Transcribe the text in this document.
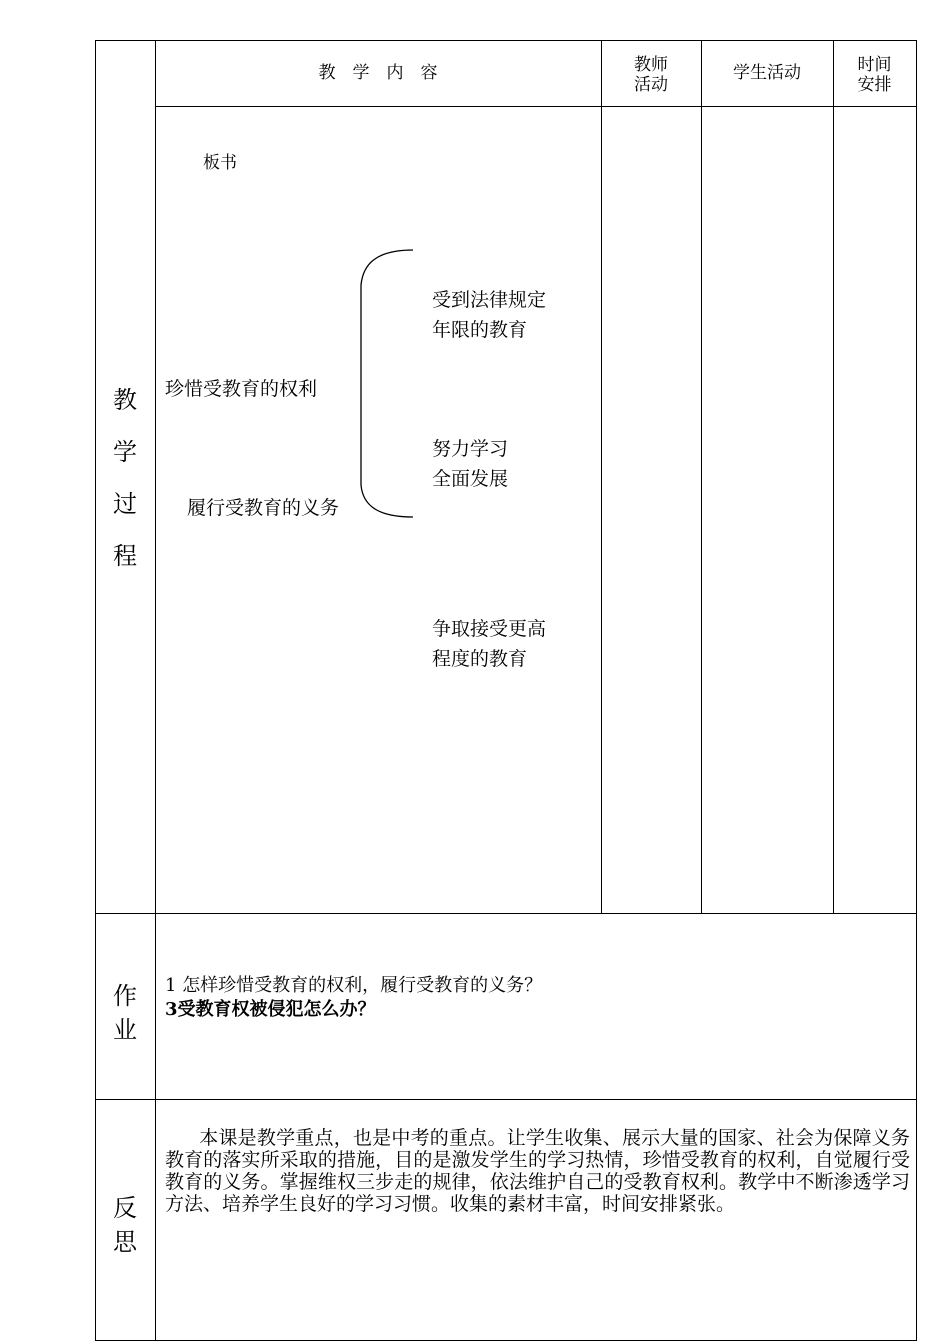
教　学　内　容	教师
活动
学生活动	时间
安排
教
学
过
程
作
业
反
思
板书
珍惜受教育的权利
履行受教育的义务
受到法律规定
年限的教育
努力学习
全面发展
争取接受更高
程度的教育
1 怎样珍惜受教育的权利，履行受教育的义务？
3受教育权被侵犯怎么办？
本课是教学重点，也是中考的重点。让学生收集、展示大量的国家、社会为保障义务教育的落实所采取的措施，目的是激发学生的学习热情，珍惜受教育的权利，自觉履行受教育的义务。掌握维权三步走的规律，依法维护自己的受教育权利。教学中不断渗透学习方法、培养学生良好的学习习惯。收集的素材丰富，时间安排紧张。
